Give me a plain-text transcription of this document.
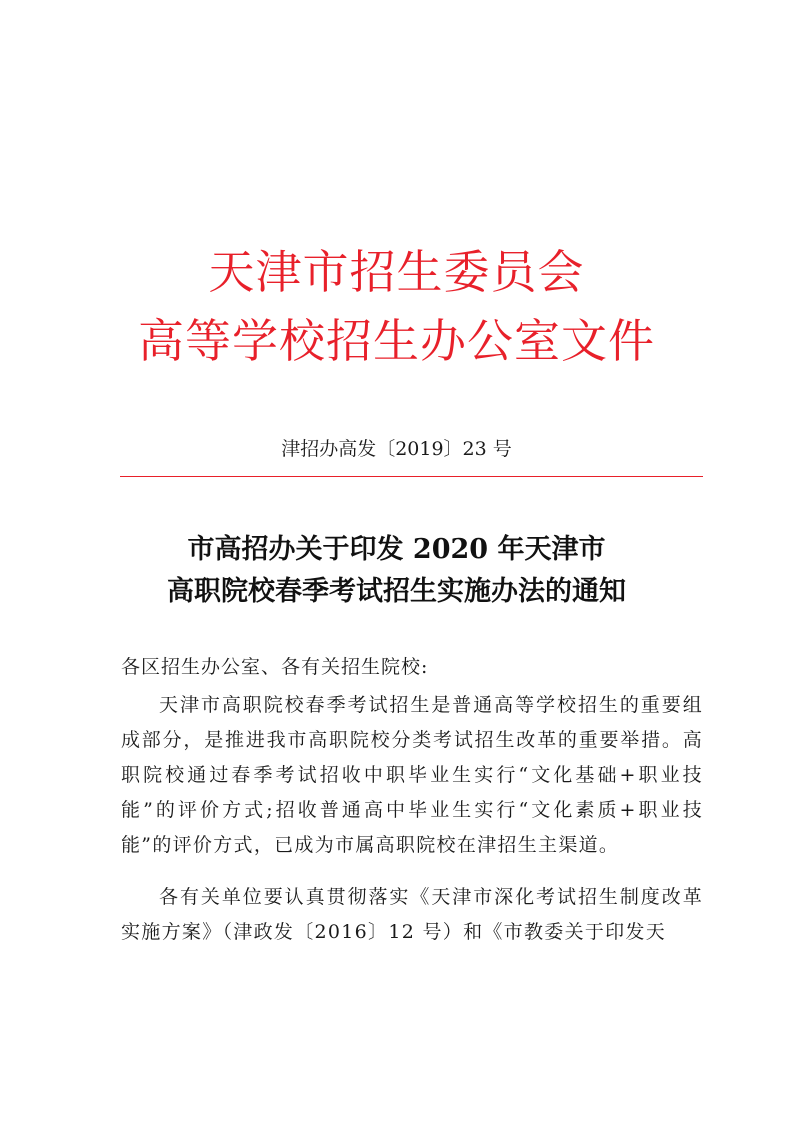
天津市招生委员会
高等学校招生办公室文件
津招办高发〔2019〕23 号
市高招办关于印发 2020 年天津市
高职院校春季考试招生实施办法的通知
各区招生办公室、各有关招生院校:

天津市高职院校春季考试招生是普通高等学校招生的重要组成部分，是推进我市高职院校分类考试招生改革的重要举措。高职院校通过春季考试招收中职毕业生实行“文化基础+职业技能”的评价方式;招收普通高中毕业生实行“文化素质+职业技能”的评价方式，已成为市属高职院校在津招生主渠道。

各有关单位要认真贯彻落实《天津市深化考试招生制度改革实施方案》（津政发〔2016〕12 号）和《市教委关于印发天
